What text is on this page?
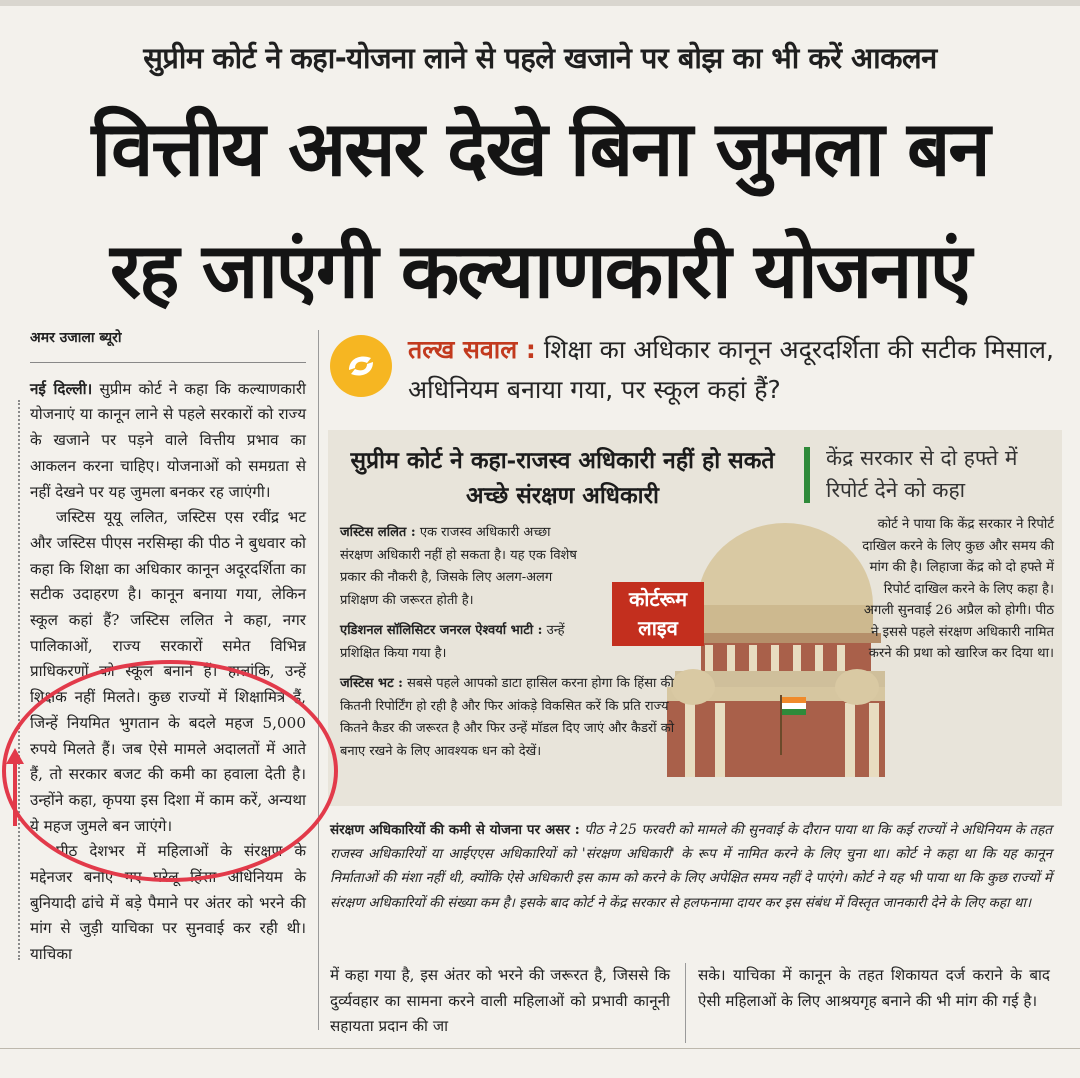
सुप्रीम कोर्ट ने कहा-योजना लाने से पहले खजाने पर बोझ का भी करें आकलन
वित्तीय असर देखे बिना जुमला बन
रह जाएंगी कल्याणकारी योजनाएं
अमर उजाला ब्यूरो

नई दिल्ली। सुप्रीम कोर्ट ने कहा कि कल्याणकारी योजनाएं या कानून लाने से पहले सरकारों को राज्य के खजाने पर पड़ने वाले वित्तीय प्रभाव का आकलन करना चाहिए। योजनाओं को समग्रता से नहीं देखने पर यह जुमला बनकर रह जाएंगी।

जस्टिस यूयू ललित, जस्टिस एस रवींद्र भट और जस्टिस पीएस नरसिम्हा की पीठ ने बुधवार को कहा कि शिक्षा का अधिकार कानून अदूरदर्शिता का सटीक उदाहरण है। कानून बनाया गया, लेकिन स्कूल कहां हैं? जस्टिस ललित ने कहा, नगर पालिकाओं, राज्य सरकारों समेत विभिन्न प्राधिकरणों को स्कूल बनाने हैं। हालांकि, उन्हें शिक्षक नहीं मिलते। कुछ राज्यों में शिक्षामित्र हैं, जिन्हें नियमित भुगतान के बदले महज 5,000 रुपये मिलते हैं। जब ऐसे मामले अदालतों में आते हैं, तो सरकार बजट की कमी का हवाला देती है। उन्होंने कहा, कृपया इस दिशा में काम करें, अन्यथा ये महज जुमले बन जाएंगे।

पीठ देशभर में महिलाओं के संरक्षण के मद्देनजर बनाए गए घरेलू हिंसा अधिनियम के बुनियादी ढांचे में बड़े पैमाने पर अंतर को भरने की मांग से जुड़ी याचिका पर सुनवाई कर रही थी। याचिका

तल्ख सवाल : शिक्षा का अधिकार कानून अदूरदर्शिता की सटीक मिसाल, अधिनियम बनाया गया, पर स्कूल कहां हैं?
सुप्रीम कोर्ट ने कहा-राजस्व अधिकारी नहीं हो सकते अच्छे संरक्षण अधिकारी
केंद्र सरकार से दो हफ्ते में रिपोर्ट देने को कहा
कोर्टरूम
लाइव

जस्टिस ललित : एक राजस्व अधिकारी अच्छा संरक्षण अधिकारी नहीं हो सकता है। यह एक विशेष प्रकार की नौकरी है, जिसके लिए अलग-अलग प्रशिक्षण की जरूरत होती है।

एडिशनल सॉलिसिटर जनरल ऐश्वर्या भाटी : उन्हें प्रशिक्षित किया गया है।

जस्टिस भट : सबसे पहले आपको डाटा हासिल करना होगा कि हिंसा की कितनी रिपोर्टिंग हो रही है और फिर आंकड़े विकसित करें कि प्रति राज्य कितने कैडर की जरूरत है और फिर उन्हें मॉडल दिए जाएं और कैडरों को बनाए रखने के लिए आवश्यक धन को देखें।

कोर्ट ने पाया कि केंद्र सरकार ने रिपोर्ट दाखिल करने के लिए कुछ और समय की मांग की है। लिहाजा केंद्र को दो हफ्ते में रिपोर्ट दाखिल करने के लिए कहा है। अगली सुनवाई 26 अप्रैल को होगी। पीठ ने इससे पहले संरक्षण अधिकारी नामित करने की प्रथा को खारिज कर दिया था।
संरक्षण अधिकारियों की कमी से योजना पर असर : पीठ ने 25 फरवरी को मामले की सुनवाई के दौरान पाया था कि कई राज्यों ने अधिनियम के तहत राजस्व अधिकारियों या आईएएस अधिकारियों को 'संरक्षण अधिकारी' के रूप में नामित करने के लिए चुना था। कोर्ट ने कहा था कि यह कानून निर्माताओं की मंशा नहीं थी, क्योंकि ऐसे अधिकारी इस काम को करने के लिए अपेक्षित समय नहीं दे पाएंगे। कोर्ट ने यह भी पाया था कि कुछ राज्यों में संरक्षण अधिकारियों की संख्या कम है। इसके बाद कोर्ट ने केंद्र सरकार से हलफनामा दायर कर इस संबंध में विस्तृत जानकारी देने के लिए कहा था।
में कहा गया है, इस अंतर को भरने की जरूरत है, जिससे कि दुर्व्यवहार का सामना करने वाली महिलाओं को प्रभावी कानूनी सहायता प्रदान की जा
सके। याचिका में कानून के तहत शिकायत दर्ज कराने के बाद ऐसी महिलाओं के लिए आश्रयगृह बनाने की भी मांग की गई है।
